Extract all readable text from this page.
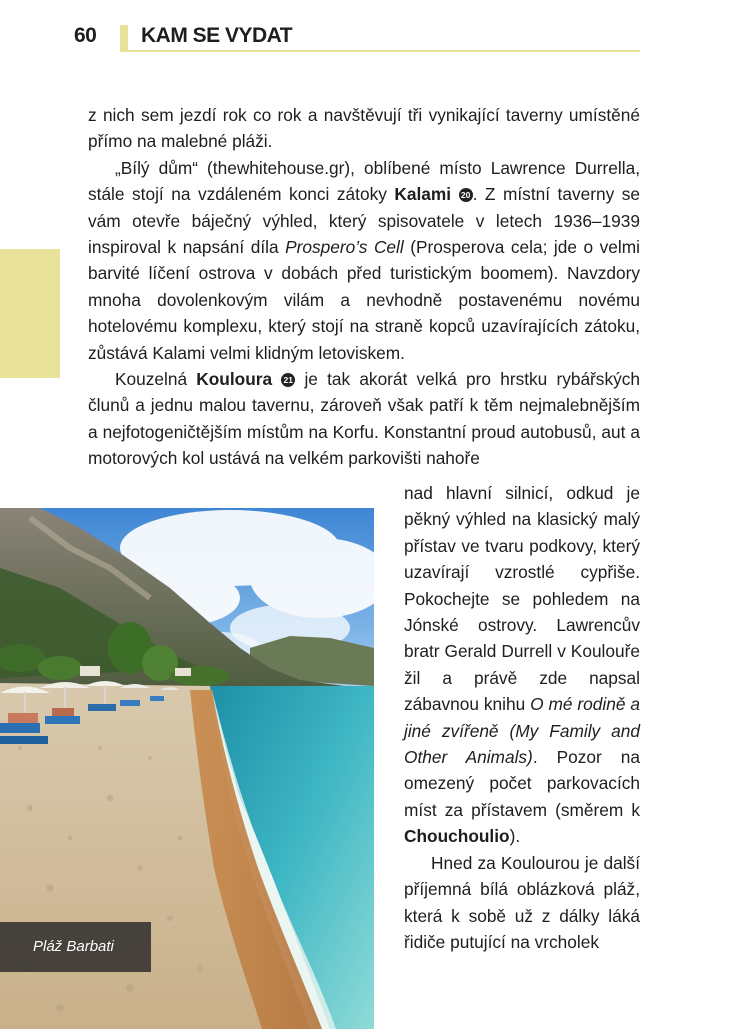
60 KAM SE VYDAT

z nich sem jezdí rok co rok a navštěvují tři vynikající taverny umístěné přímo na malebné pláži.

„Bílý dům“ (thewhitehouse.gr), oblíbené místo Lawrence Durrella, stále stojí na vzdáleném konci zátoky Kalami 20 . Z místní taverny se vám otevře báječný výhled, který spisovatele v letech 1936–1939 inspiroval k napsání díla Prospero’s Cell (Prosperova cela; jde o velmi barvité líčení ostrova v dobách před turistickým boomem). Navzdory mnoha dovolenkovým vilám a nevhodně postavenému novému hotelovému komplexu, který stojí na straně kopců uzavírajících zátoku, zůstává Kalami velmi klidným letoviskem.

Kouzelná Kouloura 21 je tak akorát velká pro hrstku rybářských člunů a jednu malou tavernu, zároveň však patří k těm nejmalebnějším a nejfotogeničtějším místům na Korfu. Konstantní proud autobusů, aut a motorových kol ustává na velkém parkovišti nahoře

nad hlavní silnicí, odkud je pěkný výhled na klasický malý přístav ve tvaru podkovy, který uzavírají vzrostlé cypřiše. Pokochejte se pohledem na Jónské ostrovy. Lawrencův bratr Gerald Durrell v Koulouře žil a právě zde napsal zábavnou knihu O mé rodině a jiné zvířeně (My Family and Other Animals). Pozor na omezený počet parkovacích míst za přístavem (směrem k Chouchoulio).

Hned za Koulourou je další příjemná bílá oblázková pláž, která k sobě už z dálky láká řidiče putující na vrcholek

Pláž Barbati
